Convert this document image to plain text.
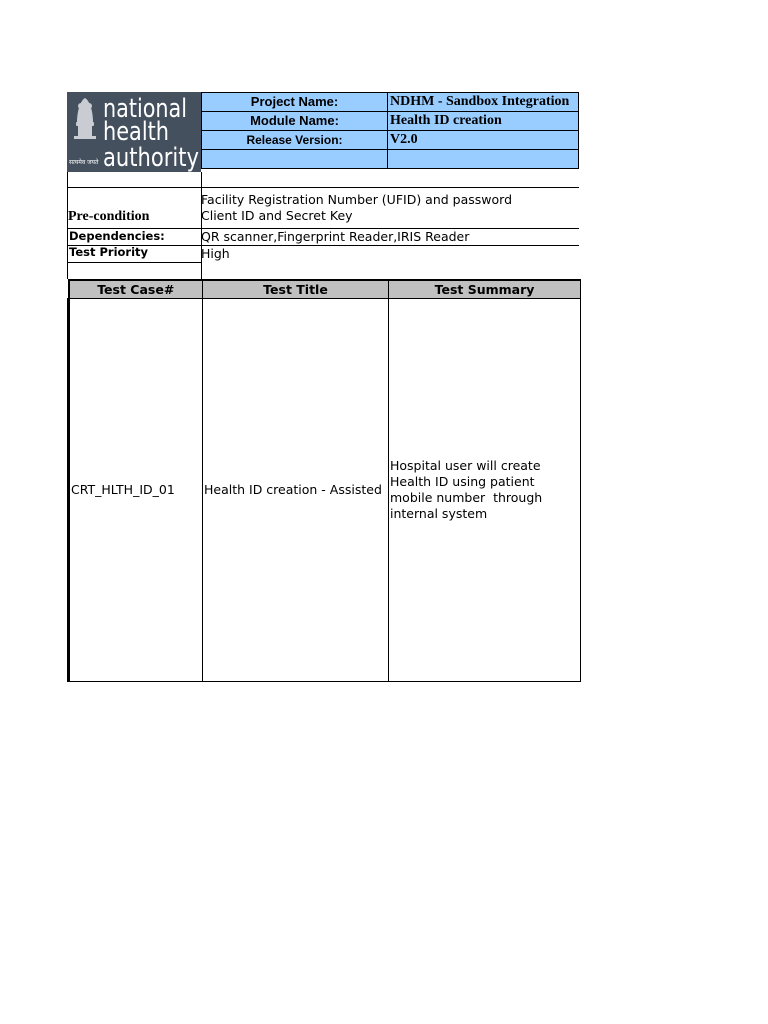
सत्यमेव जयते
national
health
authority
Project Name:	NDHM - Sandbox Integration
Module Name:	Health ID creation
Release Version:	V2.0

Pre-condition
Facility Registration Number (UFID) and password
Client ID and Secret Key
Dependencies:	QR scanner,Fingerprint Reader,IRIS Reader
Test Priority	High
Test Case#	Test Title	Test Summary
CRT_HLTH_ID_01	Health ID creation - Assisted	Hospital user will create
Health ID using patient
mobile number  through
internal system
